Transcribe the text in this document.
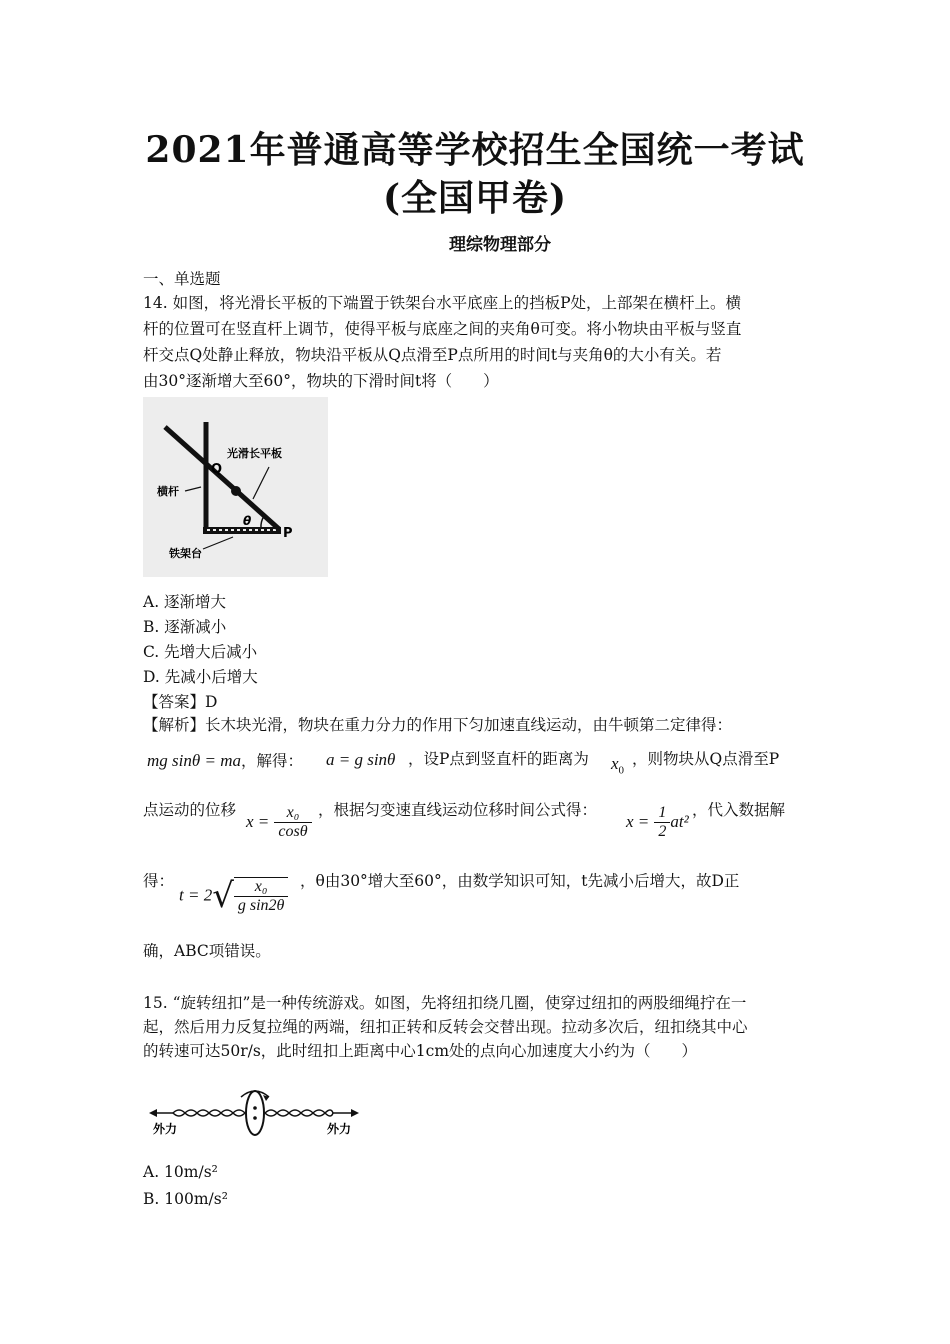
2021年普通高等学校招生全国统一考试
(全国甲卷)
理综物理部分
一、单选题
14. 如图，将光滑长平板的下端置于铁架台水平底座上的挡板P处，上部架在横杆上。横
杆的位置可在竖直杆上调节，使得平板与底座之间的夹角θ可变。将小物块由平板与竖直
杆交点Q处静止释放，物块沿平板从Q点滑至P点所用的时间t与夹角θ的大小有关。若
由30°逐渐增大至60°，物块的下滑时间t将（　　）
Q
P
θ
光滑长平板
横杆
铁架台
A. 逐渐增大
B. 逐渐减小
C. 先增大后减小
D. 先减小后增大
【答案】D
【解析】长木块光滑，物块在重力分力的作用下匀加速直线运动，由牛顿第二定律得：
mg sinθ = ma，解得： a = g sinθ ，设P点到竖直杆的距离为 $x_0$
，则物块从Q点滑至P
点运动的位移
$x = \frac{\text{x₀}}{\cos\theta}$ ，根据匀变速直线运动位移时间公式得：
$x = \frac{1}{2} at^2$
，代入数据解
得：
$t = 2√ \frac{\text{x₀}}{\text{g sin2θ}}$ ，θ由30°增大至60°，由数学知识可知，t先减小后增大，故D正
确，ABC项错误。
15. “旋转纽扣”是一种传统游戏。如图，先将纽扣绕几圈，使穿过纽扣的两股细绳拧在一
起，然后用力反复拉绳的两端，纽扣正转和反转会交替出现。拉动多次后，纽扣绕其中心
的转速可达50r/s，此时纽扣上距离中心1cm处的点向心加速度大小约为（　　）
外力	外力
A. 10m/s²
B. 100m/s²
